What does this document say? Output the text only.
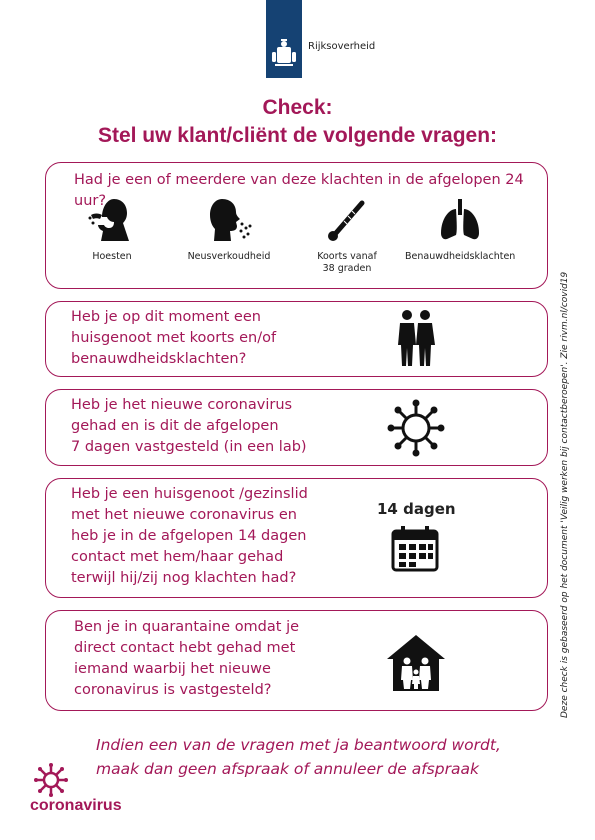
Rijksoverheid
Check:
Stel uw klant/cliënt de volgende vragen:
Had je een of meerdere van deze klachten in de afgelopen 24 uur?
Hoesten	Neusverkoudheid	Koorts vanaf
38 graden
Benauwdheidsklachten
Heb je op dit moment een
huisgenoot met koorts en/of
benauwdheidsklachten?
Heb je het nieuwe coronavirus
gehad en is dit de afgelopen
7 dagen vastgesteld (in een lab)
Heb je een huisgenoot /gezinslid
met het nieuwe coronavirus en
heb je in de afgelopen 14 dagen
contact met hem/haar gehad
terwijl hij/zij nog klachten had?
14 dagen
Ben je in quarantaine omdat je
direct contact hebt gehad met
iemand waarbij het nieuwe
coronavirus is vastgesteld?	Deze check is gebaseerd op het document 'Veilig werken bij contactberoepen'. Zie rivm.nl/covid19
Indien een van de vragen met ja beantwoord wordt,
maak dan geen afspraak of annuleer de afspraak
coronavirus
